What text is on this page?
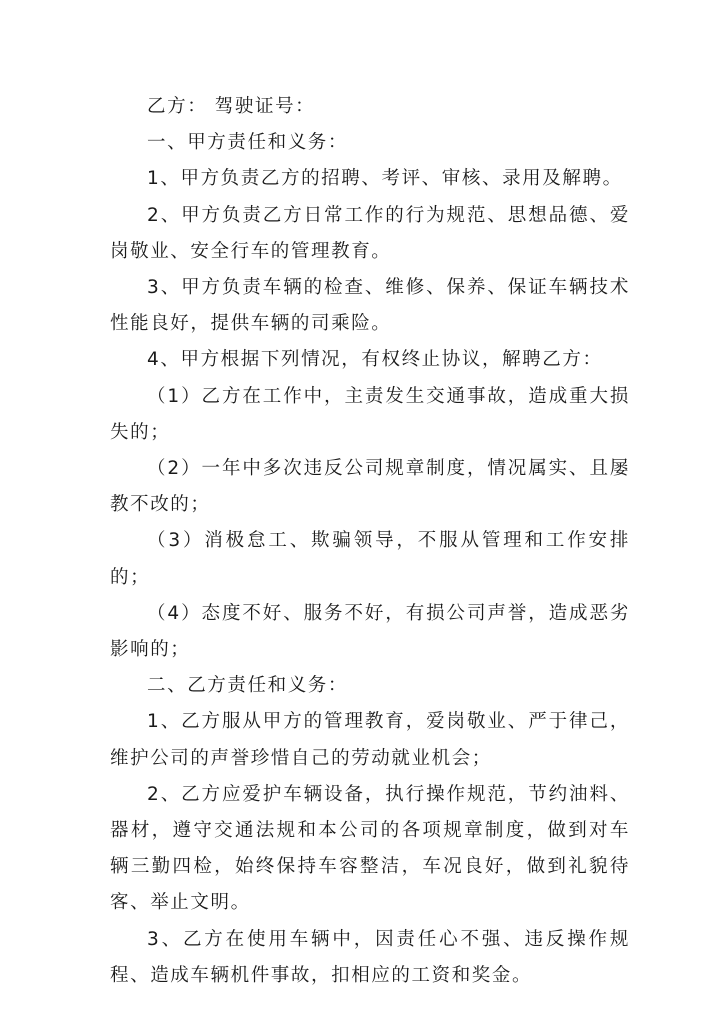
乙方： 驾驶证号：

一、甲方责任和义务：

1、甲方负责乙方的招聘、考评、审核、录用及解聘。

2、甲方负责乙方日常工作的行为规范、思想品德、爱岗敬业、安全行车的管理教育。

3、甲方负责车辆的检查、维修、保养、保证车辆技术性能良好，提供车辆的司乘险。

4、甲方根据下列情况，有权终止协议，解聘乙方：

（1）乙方在工作中，主责发生交通事故，造成重大损失的；

（2）一年中多次违反公司规章制度，情况属实、且屡教不改的；

（3）消极怠工、欺骗领导，不服从管理和工作安排的；

（4）态度不好、服务不好，有损公司声誉，造成恶劣影响的；

二、乙方责任和义务：

1、乙方服从甲方的管理教育，爱岗敬业、严于律己，维护公司的声誉珍惜自己的劳动就业机会；

2、乙方应爱护车辆设备，执行操作规范，节约油料、器材，遵守交通法规和本公司的各项规章制度，做到对车辆三勤四检，始终保持车容整洁，车况良好，做到礼貌待客、举止文明。

3、乙方在使用车辆中，因责任心不强、违反操作规程、造成车辆机件事故，扣相应的工资和奖金。
